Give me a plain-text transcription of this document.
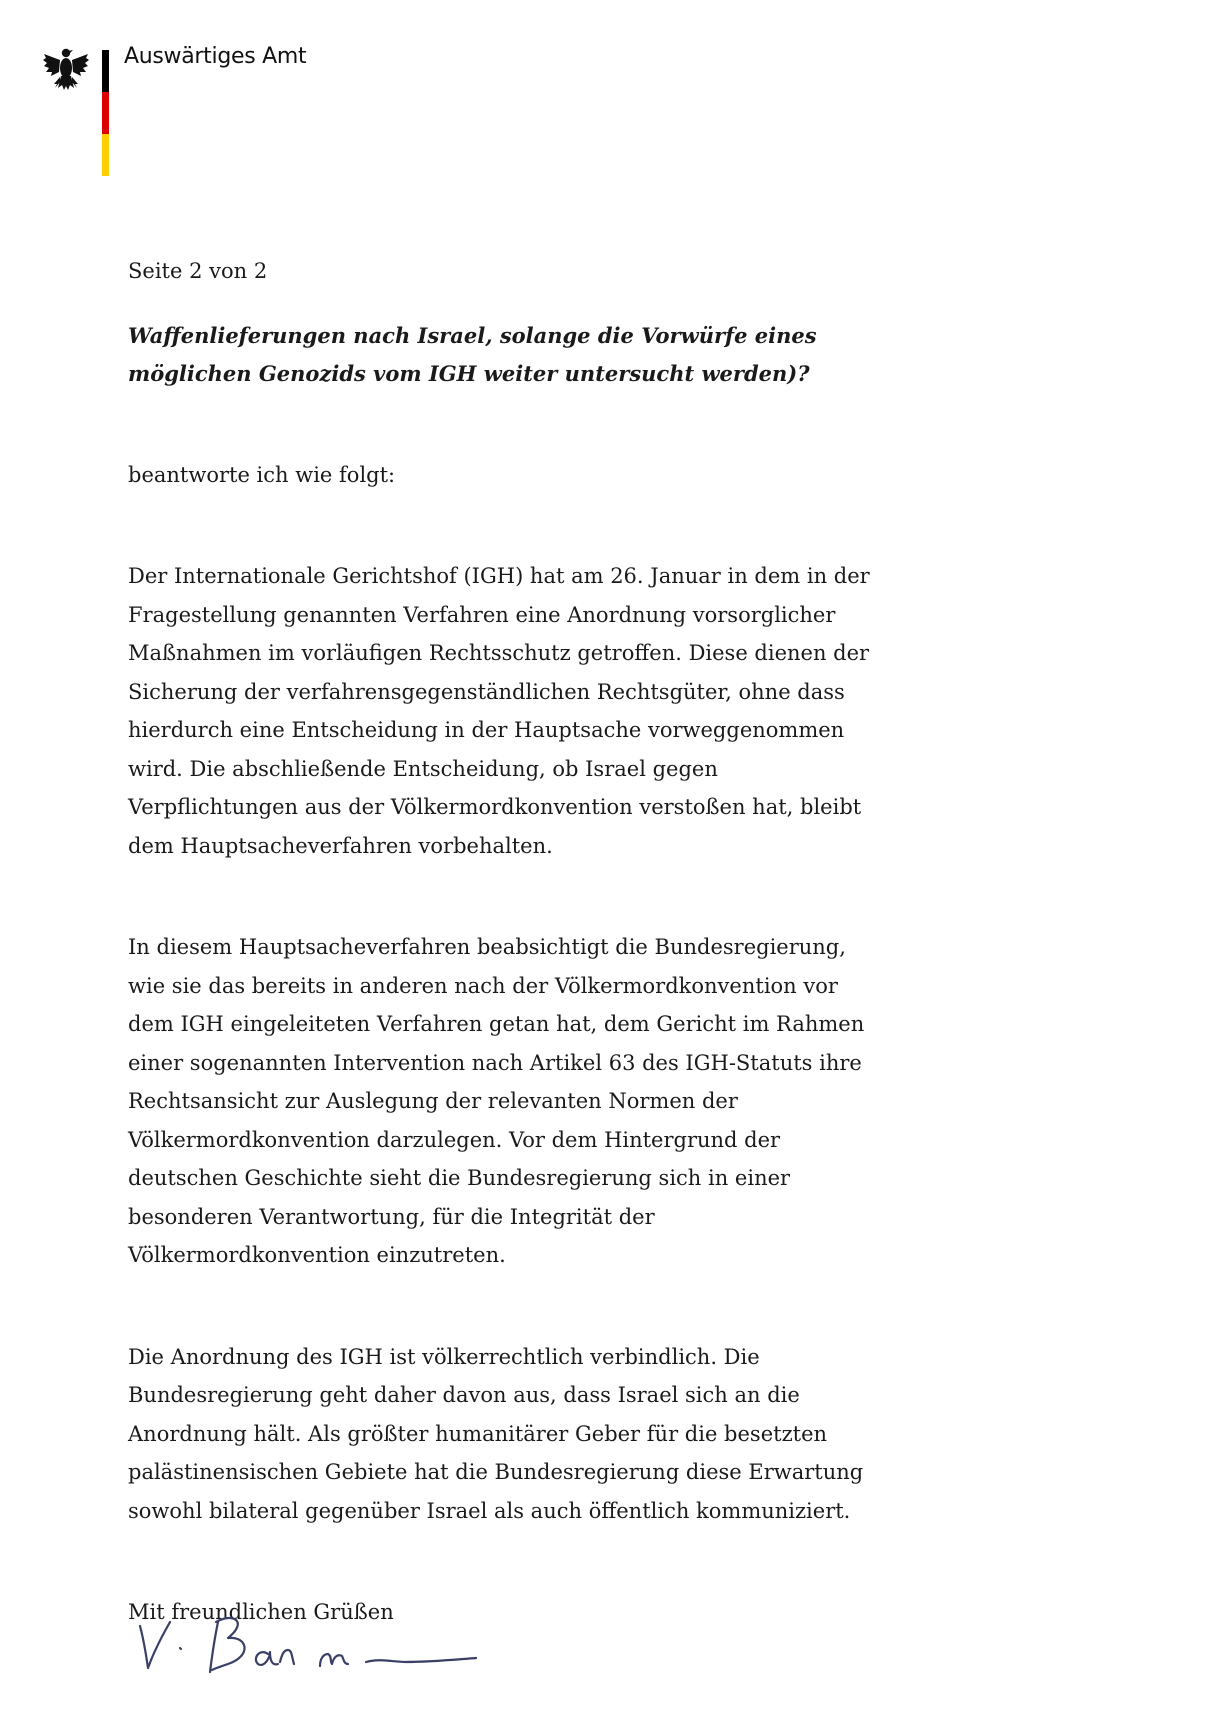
Auswärtiges Amt
Seite 2 von 2

Waffenlieferungen nach Israel, solange die Vorwürfe eines möglichen Genozids vom IGH weiter untersucht werden)?

beantworte ich wie folgt:

Der Internationale Gerichtshof (IGH) hat am 26. Januar in dem in der Fragestellung genannten Verfahren eine Anordnung vorsorglicher Maßnahmen im vorläufigen Rechtsschutz getroffen. Diese dienen der Sicherung der verfahrensgegenständlichen Rechtsgüter, ohne dass hierdurch eine Entscheidung in der Hauptsache vorweggenommen wird. Die abschließende Entscheidung, ob Israel gegen Verpflichtungen aus der Völkermordkonvention verstoßen hat, bleibt dem Hauptsacheverfahren vorbehalten.

In diesem Hauptsacheverfahren beabsichtigt die Bundesregierung, wie sie das bereits in anderen nach der Völkermordkonvention vor dem IGH eingeleiteten Verfahren getan hat, dem Gericht im Rahmen einer sogenannten Intervention nach Artikel 63 des IGH-Statuts ihre Rechtsansicht zur Auslegung der relevanten Normen der Völkermordkonvention darzulegen. Vor dem Hintergrund der deutschen Geschichte sieht die Bundesregierung sich in einer besonderen Verantwortung, für die Integrität der Völkermordkonvention einzutreten.

Die Anordnung des IGH ist völkerrechtlich verbindlich. Die Bundesregierung geht daher davon aus, dass Israel sich an die Anordnung hält. Als größter humanitärer Geber für die besetzten palästinensischen Gebiete hat die Bundesregierung diese Erwartung sowohl bilateral gegenüber Israel als auch öffentlich kommuniziert.

Mit freundlichen Grüßen
